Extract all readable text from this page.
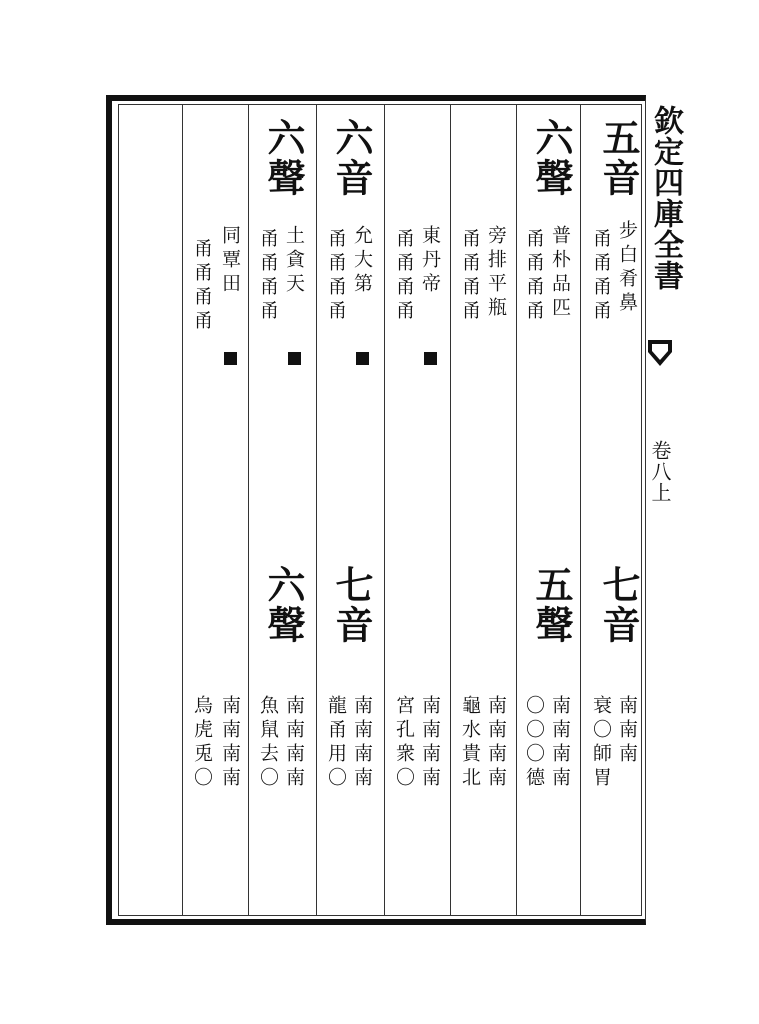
欽定四庫全書
卷八上
五音
步白肴鼻
甬甬甬甬
七音
南南南
衰〇師胃
六聲
普朴品匹
甬甬甬甬
五聲
南南南南
〇〇〇德
旁排平瓶
甬甬甬甬
南南南南
龜水貴北
東丹帝
甬甬甬甬
南南南南
宮孔衆〇
六音
允大第
甬甬甬甬
七音
南南南南
龍甬用〇
六聲
土貪天
甬甬甬甬
六聲
南南南南
魚䑕去〇
同覃田
甬甬甬甬
南南南南
烏虎兎〇
